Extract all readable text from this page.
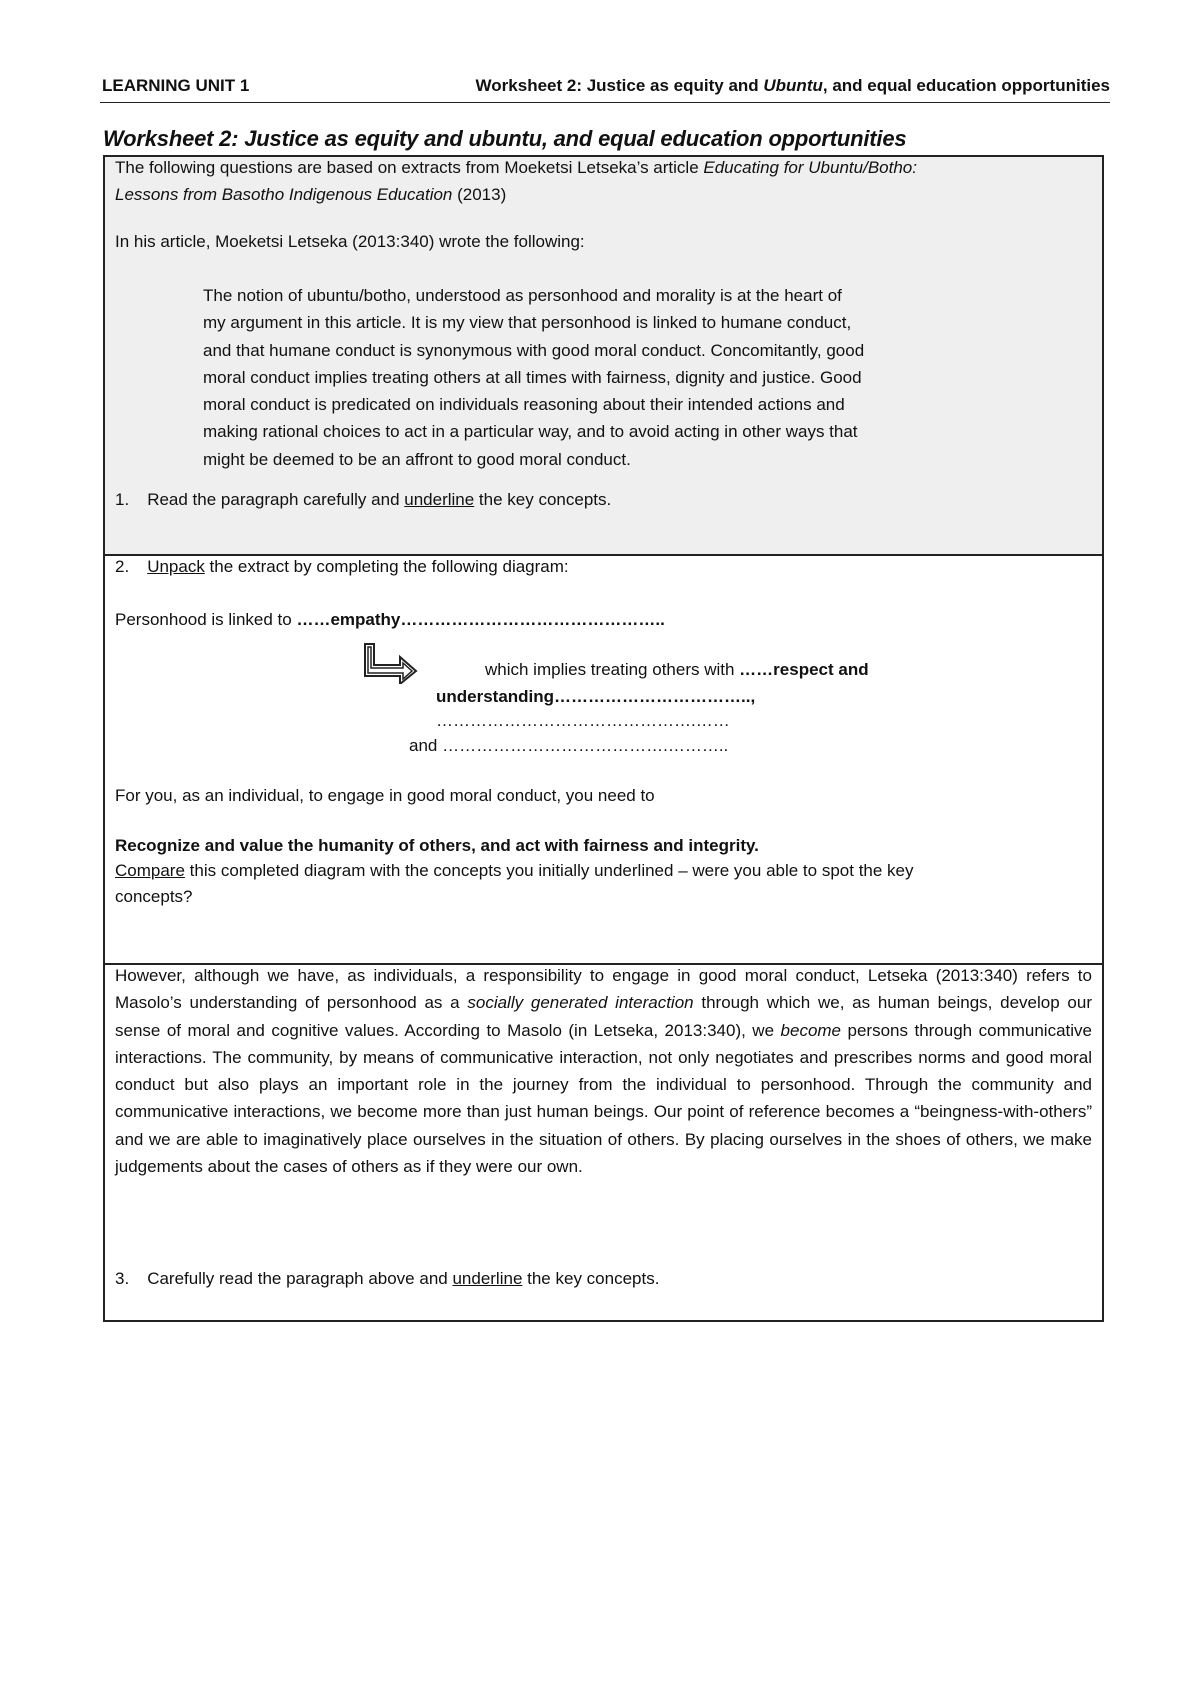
LEARNING UNIT 1	Worksheet 2: Justice as equity and Ubuntu, and equal education opportunities
Worksheet 2: Justice as equity and ubuntu, and equal education opportunities
The following questions are based on extracts from Moeketsi Letseka’s article Educating for Ubuntu/Botho:
Lessons from Basotho Indigenous Education (2013)
In his article, Moeketsi Letseka (2013:340) wrote the following:
The notion of ubuntu/botho, understood as personhood and morality is at the heart of
my argument in this article. It is my view that personhood is linked to humane conduct,
and that humane conduct is synonymous with good moral conduct. Concomitantly, good
moral conduct implies treating others at all times with fairness, dignity and justice. Good
moral conduct is predicated on individuals reasoning about their intended actions and
making rational choices to act in a particular way, and to avoid acting in other ways that
might be deemed to be an affront to good moral conduct.
1. Read the paragraph carefully and underline the key concepts.
2. Unpack the extract by completing the following diagram:
Personhood is linked to ……empathy………………………………………..
which implies treating others with ……respect and
understanding……………………………..,
……………………………………….……
and ………………………………….………..
For you, as an individual, to engage in good moral conduct, you need to
Recognize and value the humanity of others, and act with fairness and integrity.
Compare this completed diagram with the concepts you initially underlined – were you able to spot the key
concepts?
However, although we have, as individuals, a responsibility to engage in good moral conduct, Letseka (2013:340) refers to Masolo’s understanding of personhood as a socially generated interaction through which we, as human beings, develop our sense of moral and cognitive values. According to Masolo (in Letseka, 2013:340), we become persons through communicative interactions. The community, by means of communicative interaction, not only negotiates and prescribes norms and good moral conduct but also plays an important role in the journey from the individual to personhood. Through the community and communicative interactions, we become more than just human beings. Our point of reference becomes a “beingness-with-others” and we are able to imaginatively place ourselves in the situation of others. By placing ourselves in the shoes of others, we make judgements about the cases of others as if they were our own.
3. Carefully read the paragraph above and underline the key concepts.
